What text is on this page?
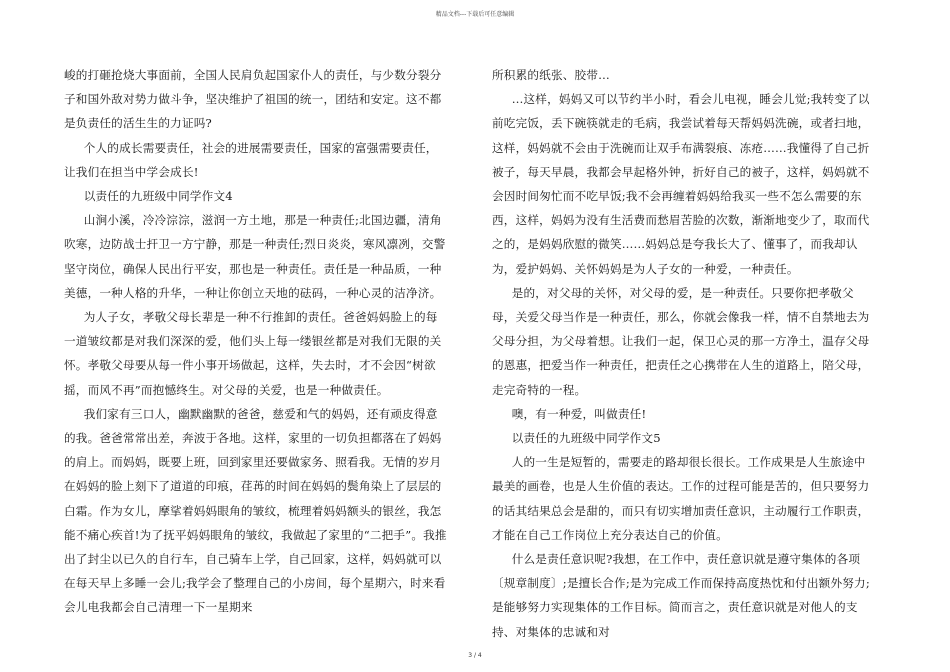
精品文档---下载后可任意编辑

峻的打砸抢烧大事面前，全国人民肩负起国家仆人的责任，与少数分裂分子和国外敌对势力做斗争，坚决维护了祖国的统一，团结和安定。这不都是负责任的活生生的力证吗?

个人的成长需要责任，社会的进展需要责任，国家的富强需要责任，让我们在担当中学会成长!

以责任的九班级中同学作文4

山涧小溪，冷冷淙淙，滋润一方土地，那是一种责任;北国边疆，清角吹寒，边防战士扞卫一方宁静，那是一种责任;烈日炎炎，寒风凛冽，交警坚守岗位，确保人民出行平安，那也是一种责任。责任是一种品质，一种美德，一种人格的升华，一种让你创立天地的砝码，一种心灵的洁净济。

为人子女，孝敬父母长辈是一种不行推卸的责任。爸爸妈妈脸上的每一道皱纹都是对我们深深的爱，他们头上每一缕银丝都是对我们无限的关怀。孝敬父母要从每一件小事开场做起，这样，失去时，才不会因“树欲摇，而风不再”而抱憾终生。对父母的关爱，也是一种做责任。

我们家有三口人，幽默幽默的爸爸，慈爱和气的妈妈，还有顽皮得意的我。爸爸常常出差，奔波于各地。这样，家里的一切负担都落在了妈妈的肩上。而妈妈，既要上班，回到家里还要做家务、照看我。无情的岁月在妈妈的脸上刻下了道道的印痕，荏苒的时间在妈妈的鬓角染上了层层的白霜。作为女儿，摩挲着妈妈眼角的皱纹，梳理着妈妈额头的银丝，我怎能不痛心疾首!为了抚平妈妈眼角的皱纹，我做起了家里的“二把手”。我推出了封尘以已久的自行车，自己骑车上学，自己回家，这样，妈妈就可以在每天早上多睡一会儿;我学会了整理自己的小房间，每个星期六，时来看会儿电我都会自己清理一下一星期来

所积累的纸张、胶带…

…这样，妈妈又可以节约半小时，看会儿电视，睡会儿觉;我转变了以前吃完饭，丢下碗筷就走的毛病，我尝试着每天帮妈妈洗碗，或者扫地，这样，妈妈就不会由于洗碗而让双手布满裂痕、冻疮……我懂得了自己折被子，每天早晨，我都会早起格外钟，折好自己的被子，这样，妈妈就不会因时间匆忙而不吃早饭;我不会再缠着妈妈给我买一些不怎么需要的东西，这样，妈妈为没有生活费而愁眉苦脸的次数，渐渐地变少了，取而代之的，是妈妈欣慰的微笑……妈妈总是夸我长大了、懂事了，而我却认为，爱护妈妈、关怀妈妈是为人子女的一种爱，一种责任。

是的，对父母的关怀，对父母的爱，是一种责任。只要你把孝敬父母，关爱父母当作是一种责任，那么，你就会像我一样，情不自禁地去为父母分担，为父母着想。让我们一起，保卫心灵的那一方净土，温存父母的恩惠，把爱当作一种责任，把责任之心携带在人生的道路上，陪父母，走完奇特的一程。

噢，有一种爱，叫做责任!

以责任的九班级中同学作文5

人的一生是短暂的，需要走的路却很长很长。工作成果是人生旅途中最美的画卷，也是人生价值的表达。工作的过程可能是苦的，但只要努力的话其结果总会是甜的，而只有切实增加责任意识，主动履行工作职责，才能在自己工作岗位上充分表达自己的价值。

什么是责任意识呢?我想，在工作中，责任意识就是遵守集体的各项〔规章制度〕;是擅长合作;是为完成工作而保持高度热忱和付出额外努力;是能够努力实现集体的工作目标。简而言之，责任意识就是对他人的支持、对集体的忠诚和对

3 / 4
